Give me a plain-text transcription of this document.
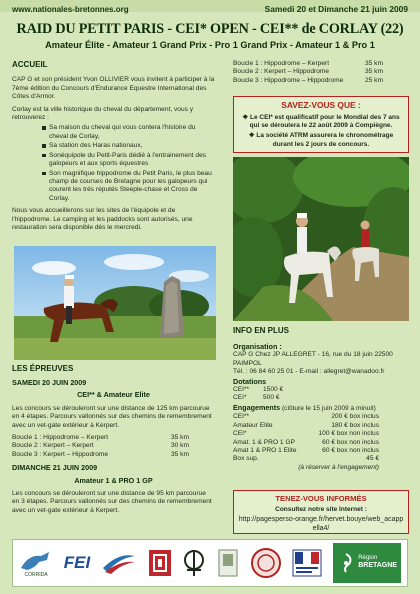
www.nationales-bretonnes.org	Samedi 20 et Dimanche 21 juin 2009
RAID DU PETIT PARIS - CEI* OPEN - CEI** de CORLAY (22)
Amateur Élite - Amateur 1 Grand Prix - Pro 1 Grand Prix - Amateur 1 & Pro 1
ACCUEIL

CAP G et son président Yvon OLLIVIER vous invitent à participer à la 7ème édition du Concours d'Endurance Equestre International des Côtes d'Armor.

Corlay est la ville historique du cheval du département, vous y retrouverez :

Sa maison du cheval qui vous contera l'histoire du cheval de Corlay,
Sa station des Haras nationaux,
Sonéquipole du Petit-Paris dédié à l'entrainement des galopeurs et aux sports équestres
Son magnifique hippodrome du Petit Paris, le plus beau champ de courses de Bretagne pour les galopeurs qui courent les trés réputés Steeple-chase et Cross de Corlay.

Nous vous accueillerons sur les sites de l'équipole et de l'hippodrome. Le camping et les paddocks sont autorisés, une restauration sera disponible dès le mercredi.

LES ÉPREUVES
SAMEDI 20 JUIN 2009
CEI** & Amateur Elite

Les concours se dérouleront sur une distance de 125 km parcourue en 4 étapes. Parcours vallonnés sur des chemins de remembrement avec un vet-gate extérieur à Kerpert.

Boucle 1 : Hippodrome – Kerpert	35 km
Boucle 2 : Kerpert – Kerpert	30 km
Boucle 3 : Kerpert – Hippodrome	35 km
DIMANCHE 21 JUIN 2009
Amateur 1 & PRO 1 GP

Les concours se dérouleront sur une distance de 95 km parcourue en 3 étapes. Parcours vallonnés sur des chemins de remembrement avec un vet-gate extérieur à Kerpert.

Boucle 1 : Hippodrome – Kerpert	35 km
Boucle 2 : Kerpert – Hippodrome	35 km
Boucle 3 : Hippodrome – Hippodrome	25 km
SAVEZ-VOUS QUE :
❖ Le CEI* est qualificatif pour le Mondial des 7 ans qui se déroulera le 22 août 2009 à Compiègne.
❖ La société ATRM assurera le chronométrage durant les 2 jours de concours.
INFO EN PLUS
Organisation :
CAP G Chez JP ALLEGRET - 16, rue du 18 juin 22500 PAIMPOL
Tél. : 06 84 60 25 01 - E-mail : allegret@wanadoo.fr
Dotations
CEI**	1500 €
CEI*	500 €
Engagements (clôture le 15 juin 2009 à minuit)
CEI**	200 € box inclus
Amateur Elite	180 € box inclus
CEI*	100 € box non inclus
Amat. 1 & PRO 1 GP	60 € box non inclus
Amat 1 & PRO 1 Elite	60 € box non inclus
Box sup.	45 €
(à réserver à l'engagement)
TENEZ-VOUS INFORMÉS
Consultez notre site Internet :
http://pagesperso-orange.fr/hervet.bouye/web_acappella4/
CORRIDA
FEI	Région
BRETAGNE
